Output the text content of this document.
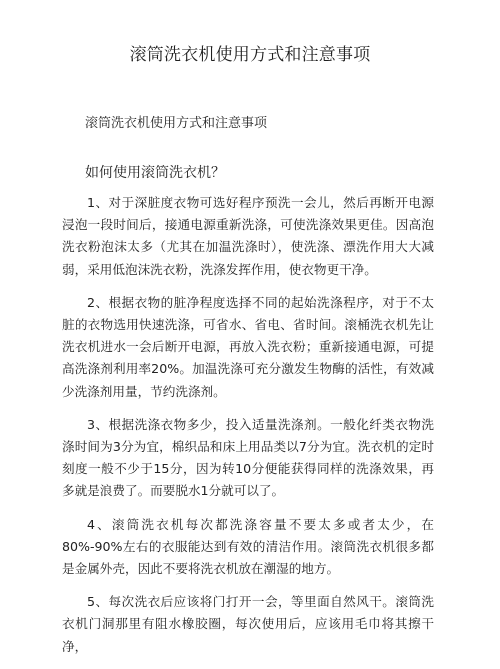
滚筒洗衣机使用方式和注意事项
滚筒洗衣机使用方式和注意事项
如何使用滚筒洗衣机？

1、对于深脏度衣物可选好程序预洗一会儿，然后再断开电源浸泡一段时间后，接通电源重新洗涤，可使洗涤效果更佳。因高泡洗衣粉泡沫太多（尤其在加温洗涤时），使洗涤、漂洗作用大大减弱，采用低泡沫洗衣粉，洗涤发挥作用，使衣物更干净。

2、根据衣物的脏净程度选择不同的起始洗涤程序，对于不太脏的衣物选用快速洗涤，可省水、省电、省时间。滚桶洗衣机先让洗衣机进水一会后断开电源，再放入洗衣粉；重新接通电源，可提高洗涤剂利用率20%。加温洗涤可充分激发生物酶的活性，有效减少洗涤剂用量，节约洗涤剂。

3、根据洗涤衣物多少，投入适量洗涤剂。一般化纤类衣物洗涤时间为3分为宜，棉织品和床上用品类以7分为宜。洗衣机的定时刻度一般不少于15分，因为转10分便能获得同样的洗涤效果，再多就是浪费了。而要脱水1分就可以了。

4、滚筒洗衣机每次都洗涤容量不要太多或者太少，在80%-90%左右的衣服能达到有效的清洁作用。滚筒洗衣机很多都是金属外壳，因此不要将洗衣机放在潮湿的地方。

5、每次洗衣后应该将门打开一会，等里面自然风干。滚筒洗衣机门洞那里有阻水橡胶圈，每次使用后，应该用毛巾将其擦干净，
